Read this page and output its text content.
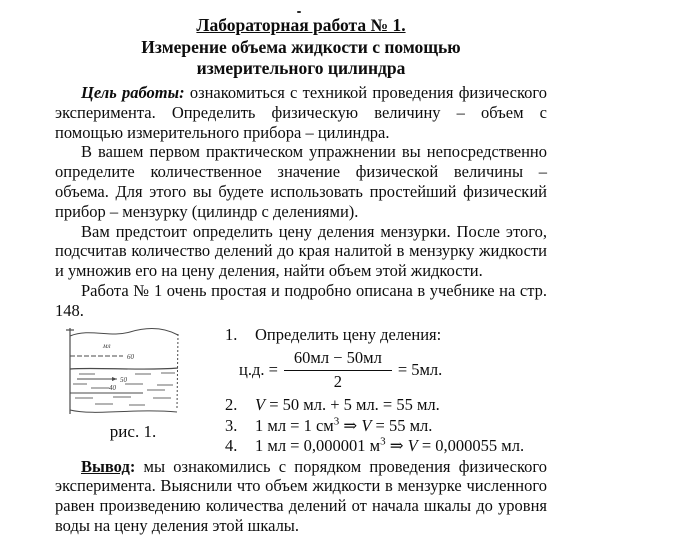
Лабораторная работа № 1.
Измерение объема жидкости с помощью
измерительного цилиндра

Цель работы: ознакомиться с техникой проведения физического эксперимента. Определить физическую величину – объем с помощью измерительного прибора – цилиндра.

В вашем первом практическом упражнении вы непосредственно определите количественное значение физической величины – объема. Для этого вы будете использовать простейший физический прибор – мензурку (цилиндр с делениями).

Вам предстоит определить цену деления мензурки. После этого, подсчитав количество делений до края налитой в мензурку жидкости и умножив его на цену деления, найти объем этой жидкости.

Работа № 1 очень простая и подробно описана в учебнике на стр. 148.

мл
60
50
40
рис. 1.
1.	Определить цену деления:
ц.д. = $\frac{60мл - 50мл}{2} = 5мл$.
2.	V = 50 мл. + 5 мл. = 55 мл.
3.	1 мл = 1 $см^3$ ⇒ V = 55 мл.
4.	1 мл = 0,000001 $м^3$ ⇒ V = 0,000055 мл.

Вывод: мы ознакомились с порядком проведения физического эксперимента. Выяснили что объем жидкости в мензурке численного равен произведению количества делений от начала шкалы до уровня воды на цену деления этой шкалы.
